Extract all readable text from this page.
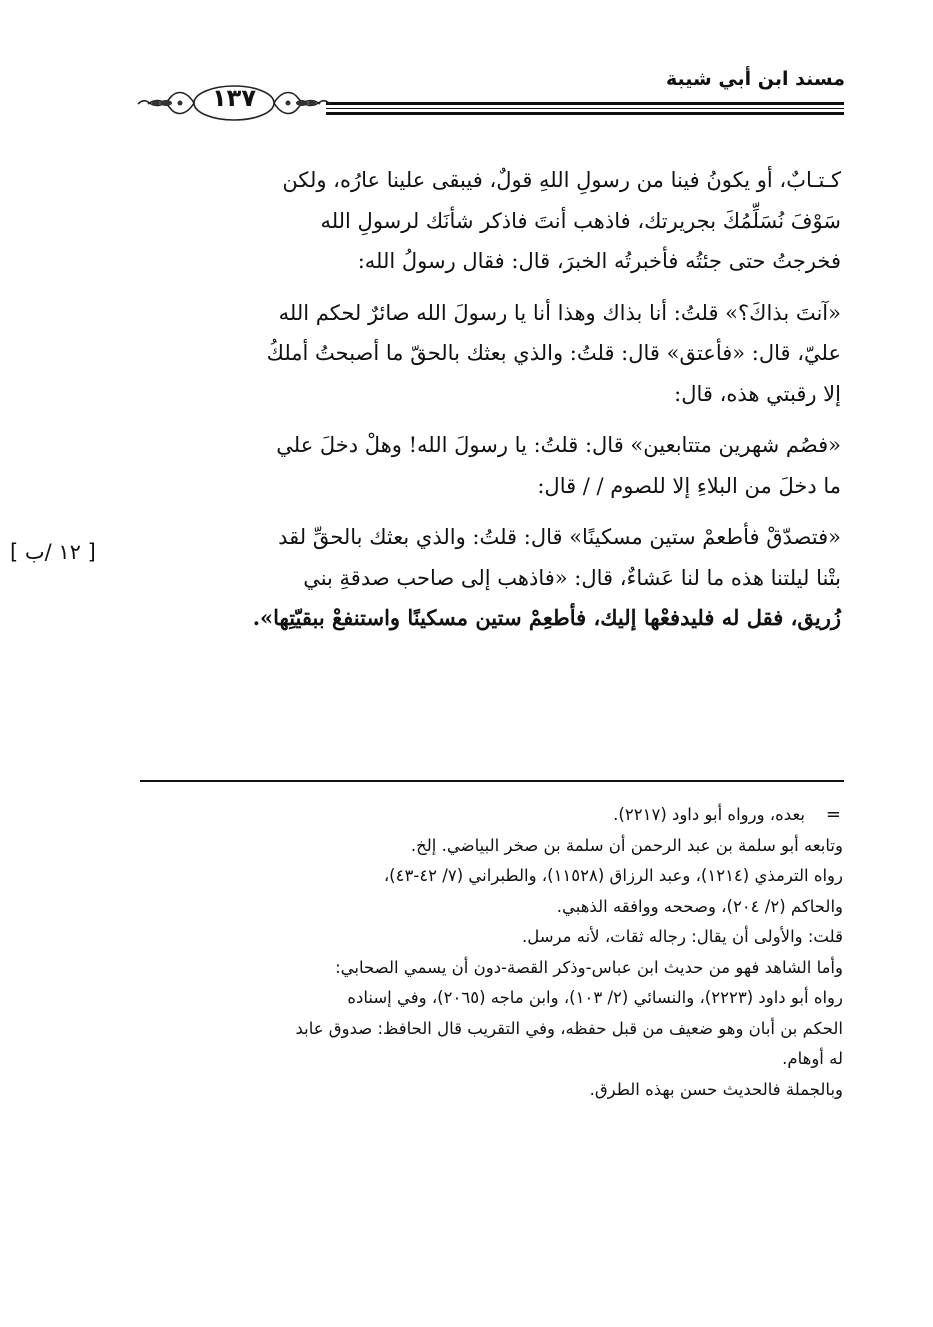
مسند ابن أبي شيبة
١٣٧
[ ١٢ /ب ]
كـتـابٌ، أو يكونُ فينا من رسولِ اللهِ قولٌ، فيبقى علينا عارُه، ولكن
سَوْفَ نُسَلِّمُكَ بجريرتك، فاذهب أنتَ فاذكر شأنَك لرسولِ الله
فخرجتُ حتى جئتُه فأخبرتُه الخبرَ، قال: فقال رسولُ الله:
«آنتَ بذاكَ؟» قلتُ: أنا بذاك وهذا أنا يا رسولَ الله صائرٌ لحكم الله
عليّ، قال: «فأعتق» قال: قلتُ: والذي بعثك بالحقّ ما أصبحتُ أملكُ
إلا رقبتي هذه، قال:
«فصُم شهرين متتابعين» قال: قلتُ: يا رسولَ الله! وهلْ دخلَ علي
ما دخلَ من البلاءِ إلا للصوم / / قال:
«فتصدّقْ فأطعمْ ستين مسكينًا» قال: قلتُ: والذي بعثك بالحقِّ لقد
بتْنا ليلتنا هذه ما لنا عَشاءٌ، قال: «فاذهب إلى صاحب صدقةِ بني
زُريق، فقل له فليدفعْها إليك، فأطعِمْ ستين مسكينًا واستنفعْ ببقيّتِها».
=
بعده، ورواه أبو داود (٢٢١٧).
وتابعه أبو سلمة بن عبد الرحمن أن سلمة بن صخر البياضي. إلخ.
رواه الترمذي (١٢١٤)، وعبد الرزاق (١١٥٢٨)، والطبراني (٧/ ٤٢-٤٣)،
والحاكم (٢/ ٢٠٤)، وصححه ووافقه الذهبي.
قلت: والأولى أن يقال: رجاله ثقات، لأنه مرسل.
وأما الشاهد فهو من حديث ابن عباس-وذكر القصة-دون أن يسمي الصحابي:
رواه أبو داود (٢٢٢٣)، والنسائي (٢/ ١٠٣)، وابن ماجه (٢٠٦٥)، وفي إسناده
الحكم بن أبان وهو ضعيف من قبل حفظه، وفي التقريب قال الحافظ: صدوق عابد
له أوهام.
وبالجملة فالحديث حسن بهذه الطرق.
